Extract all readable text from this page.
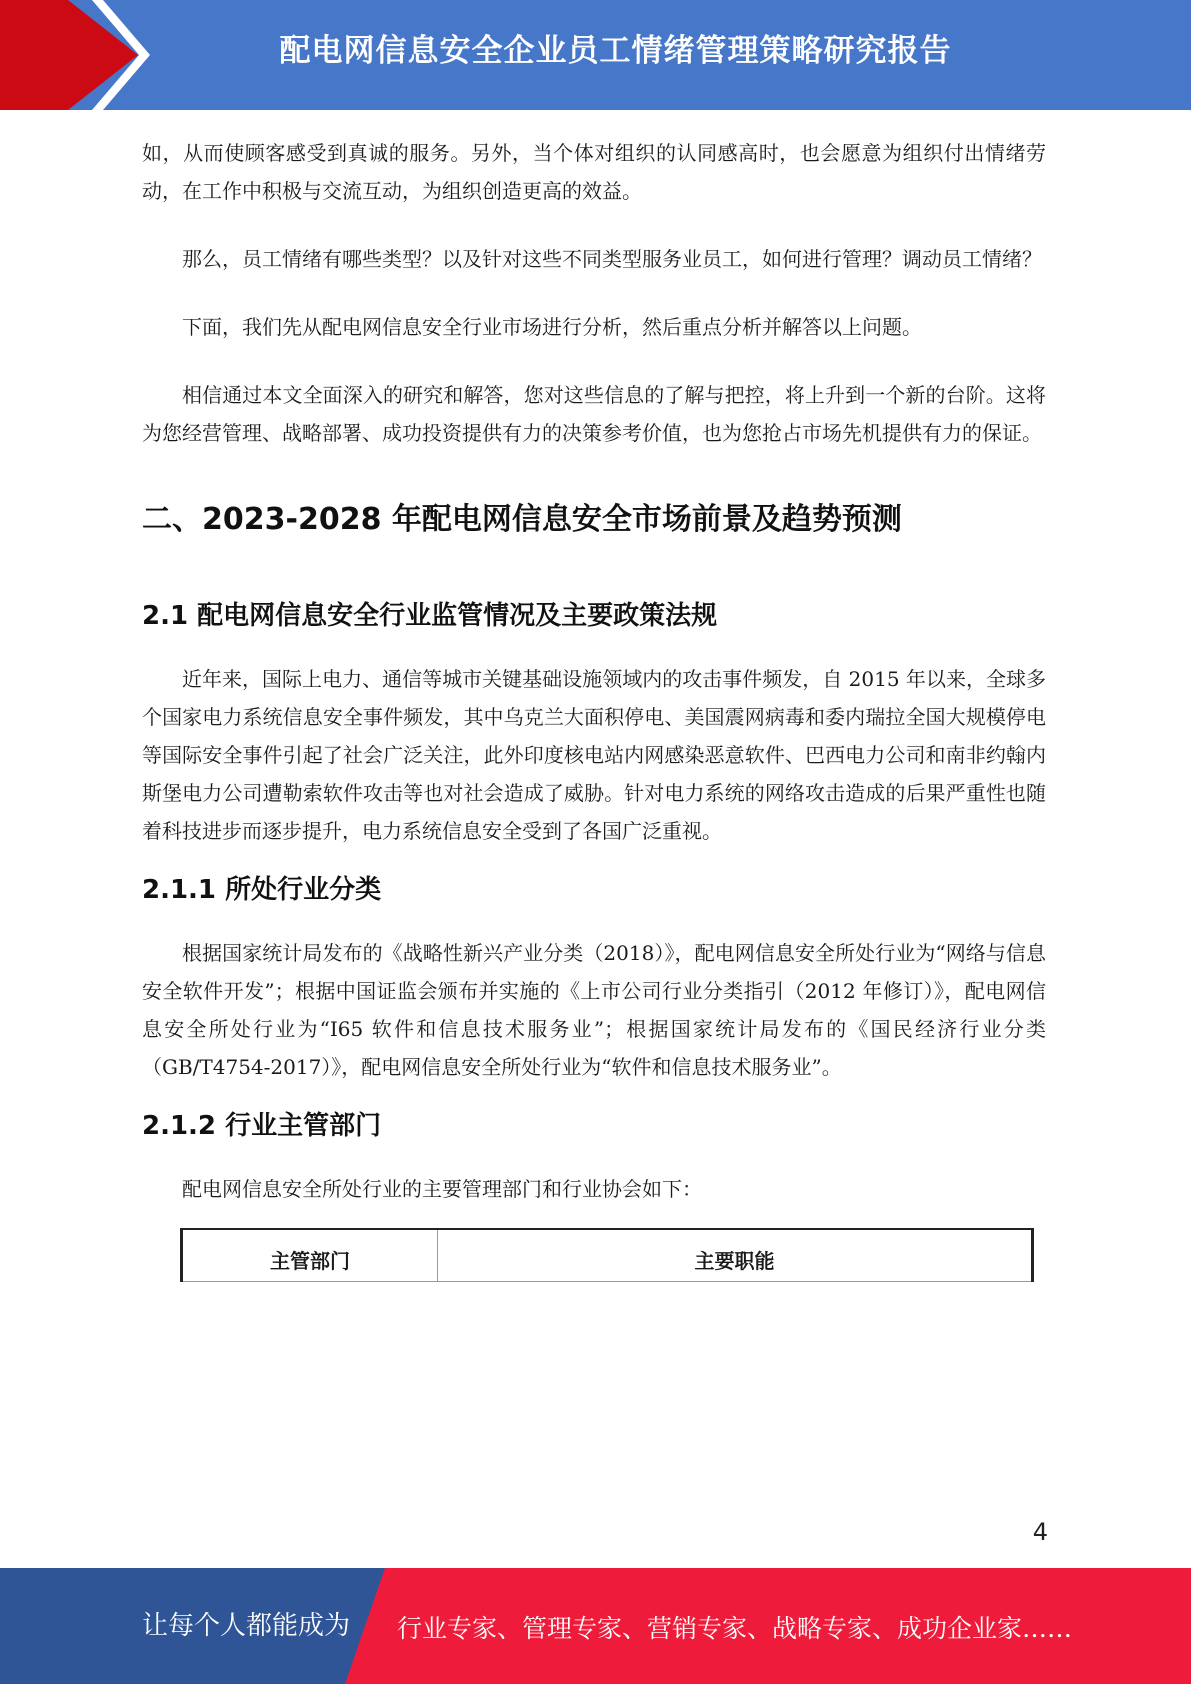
配电网信息安全企业员工情绪管理策略研究报告

如，从而使顾客感受到真诚的服务。另外，当个体对组织的认同感高时，也会愿意为组织付出情绪劳动，在工作中积极与交流互动，为组织创造更高的效益。

那么，员工情绪有哪些类型？以及针对这些不同类型服务业员工，如何进行管理？调动员工情绪？

下面，我们先从配电网信息安全行业市场进行分析，然后重点分析并解答以上问题。

相信通过本文全面深入的研究和解答，您对这些信息的了解与把控，将上升到一个新的台阶。这将为您经营管理、战略部署、成功投资提供有力的决策参考价值，也为您抢占市场先机提供有力的保证。

二、2023-2028 年配电网信息安全市场前景及趋势预测
2.1 配电网信息安全行业监管情况及主要政策法规

近年来，国际上电力、通信等城市关键基础设施领域内的攻击事件频发，自 2015 年以来，全球多个国家电力系统信息安全事件频发，其中乌克兰大面积停电、美国震网病毒和委内瑞拉全国大规模停电等国际安全事件引起了社会广泛关注，此外印度核电站内网感染恶意软件、巴西电力公司和南非约翰内斯堡电力公司遭勒索软件攻击等也对社会造成了威胁。针对电力系统的网络攻击造成的后果严重性也随着科技进步而逐步提升，电力系统信息安全受到了各国广泛重视。

2.1.1 所处行业分类

根据国家统计局发布的《战略性新兴产业分类（2018）》，配电网信息安全所处行业为“网络与信息安全软件开发”；根据中国证监会颁布并实施的《上市公司行业分类指引（2012 年修订）》，配电网信息安全所处行业为“I65 软件和信息技术服务业”；根据国家统计局发布的《国民经济行业分类（GB/T4754-2017）》，配电网信息安全所处行业为“软件和信息技术服务业”。

2.1.2 行业主管部门

配电网信息安全所处行业的主要管理部门和行业协会如下：

主管部门	主要职能
4
让每个人都能成为 行业专家、管理专家、营销专家、战略专家、成功企业家……
